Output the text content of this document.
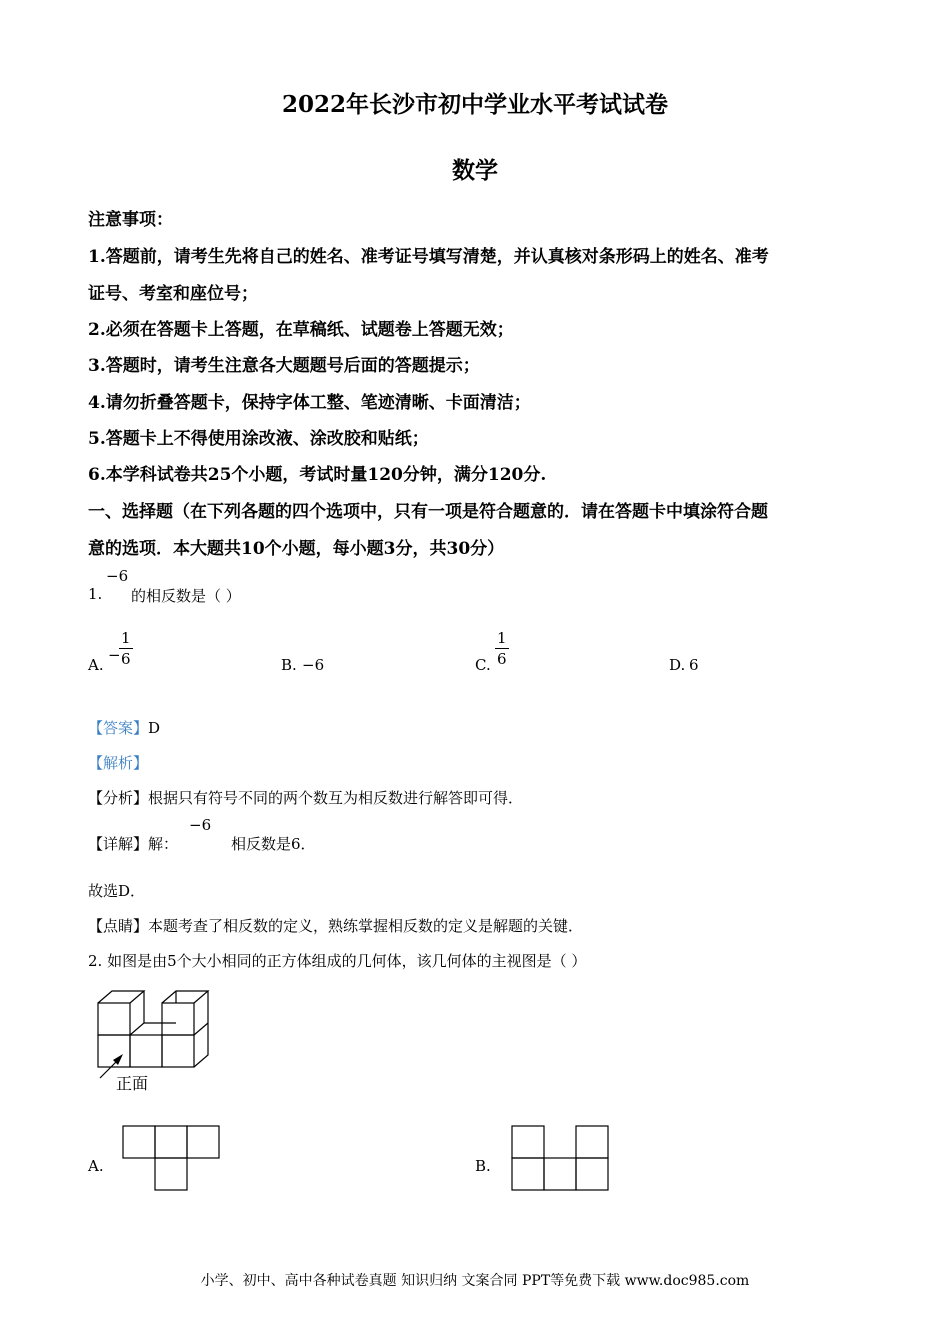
2022年长沙市初中学业水平考试试卷
数学
注意事项：
1.答题前，请考生先将自己的姓名、准考证号填写清楚，并认真核对条形码上的姓名、准考
证号、考室和座位号；
2.必须在答题卡上答题，在草稿纸、试题卷上答题无效；
3.答题时，请考生注意各大题题号后面的答题提示；
4.请勿折叠答题卡，保持字体工整、笔迹清晰、卡面清洁；
5.答题卡上不得使用涂改液、涂改胶和贴纸；
6.本学科试卷共25个小题，考试时量120分钟，满分120分.
一、选择题（在下列各题的四个选项中，只有一项是符合题意的．请在答题卡中填涂符合题
意的选项．本大题共10个小题，每小题3分，共30分）
1.
−6
的相反数是（ ）
A.
−
$\frac{1}{6}$	B. −6	C. $\frac{1}{6}$	D. 6
【答案】D
【解析】
【分析】根据只有符号不同的两个数互为相反数进行解答即可得．
【详解】解：
−6
相反数是6．
故选D．
【点睛】本题考查了相反数的定义，熟练掌握相反数的定义是解题的关键．
2. 如图是由5个大小相同的正方体组成的几何体，该几何体的主视图是（ ）
正面
A.	B.
小学、初中、高中各种试卷真题 知识归纳 文案合同 PPT等免费下载 www.doc985.com
